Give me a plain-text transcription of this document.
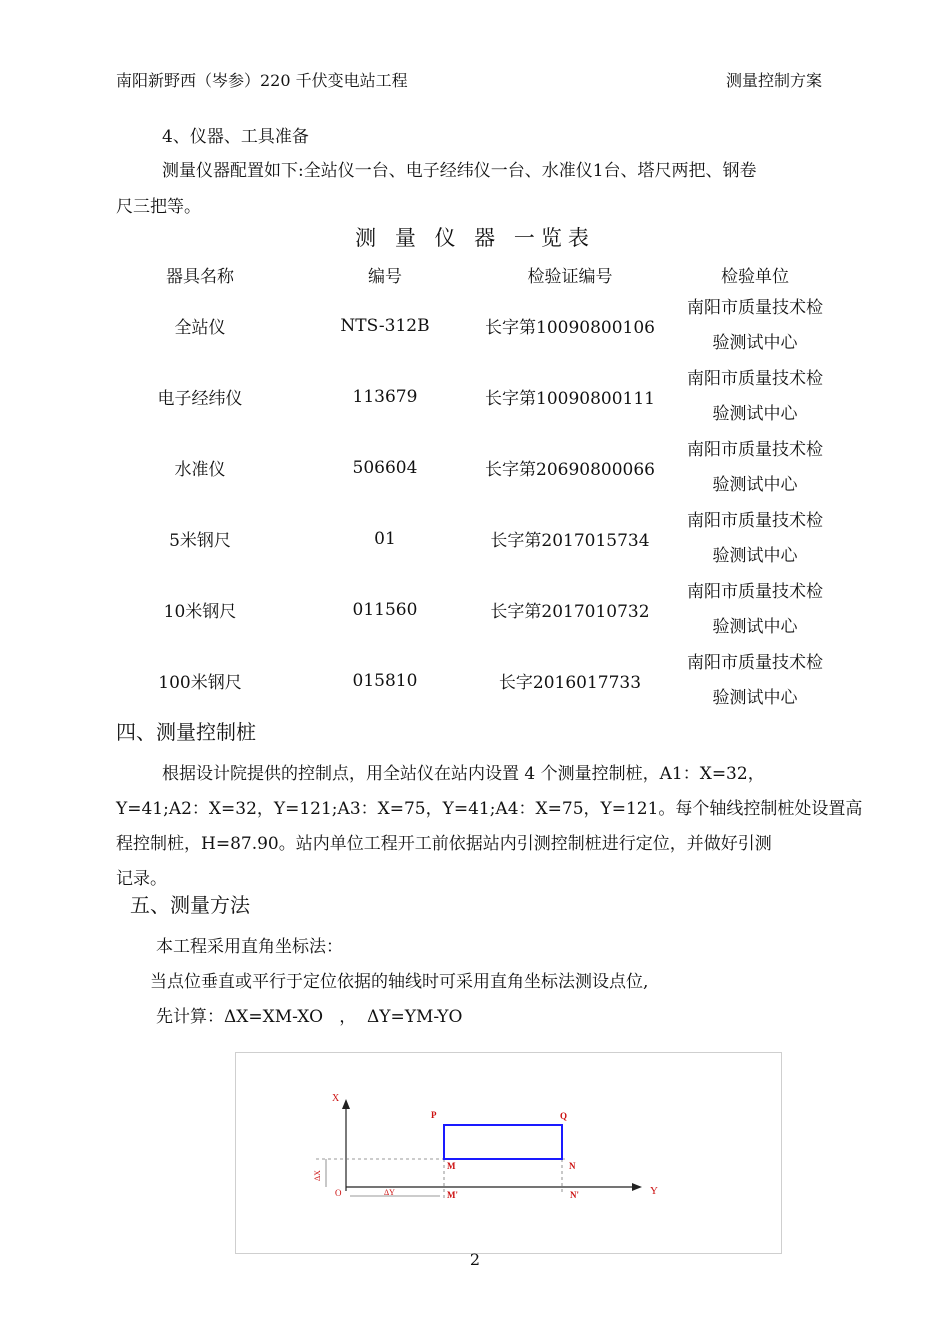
南阳新野西（岑参）220 千伏变电站工程	测量控制方案
4、仪器、工具准备
测量仪器配置如下:全站仪一台、电子经纬仪一台、水准仪1台、塔尺两把、钢卷
尺三把等。
测 量 仪 器 一览表
器具名称	编号	检验证编号	检验单位
全站仪	NTS-312B	长字第10090800106	南阳市质量技术检
验测试中心
电子经纬仪	113679	长字第10090800111	南阳市质量技术检
验测试中心
水准仪	506604	长字第20690800066	南阳市质量技术检
验测试中心
5米钢尺	01	长字第2017015734	南阳市质量技术检
验测试中心
10米钢尺	011560	长字第2017010732	南阳市质量技术检
验测试中心
100米钢尺	015810	长字2016017733	南阳市质量技术检
验测试中心
四、测量控制桩
根据设计院提供的控制点，用全站仪在站内设置 4 个测量控制桩，A1：X=32，
Y=41;A2：X=32，Y=121;A3：X=75，Y=41;A4：X=75，Y=121。每个轴线控制桩处设置高
程控制桩，H=87.90。站内单位工程开工前依据站内引测控制桩进行定位，并做好引测
记录。
五、测量方法
本工程采用直角坐标法：
当点位垂直或平行于定位依据的轴线时可采用直角坐标法测设点位,
先计算：ΔX=XM-XO   ，  ΔY=YM-YO
X
Y
O
P	Q
M	N
M'	N'
ΔY
ΔX
2
